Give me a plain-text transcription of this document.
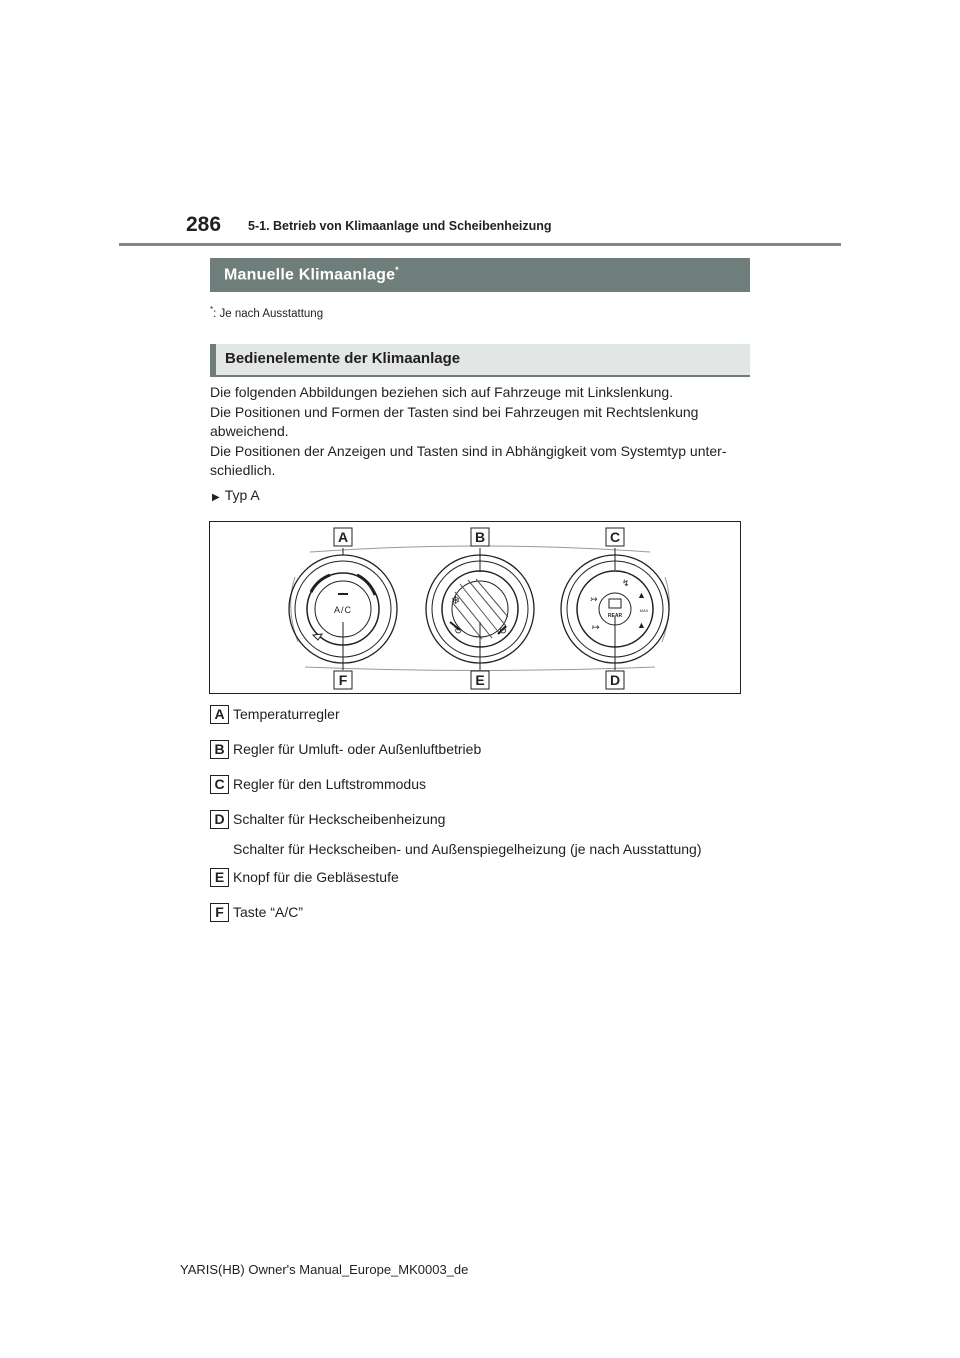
286 5-1. Betrieb von Klimaanlage und Scheibenheizung
Manuelle Klimaanlage*
*: Je nach Ausstattung
Bedienelemente der Klimaanlage

Die folgenden Abbildungen beziehen sich auf Fahrzeuge mit Linkslenkung.

Die Positionen und Formen der Tasten sind bei Fahrzeugen mit Rechtslenkung

abweichend.

Die Positionen der Anzeigen und Tasten sind in Abhängigkeit vom Systemtyp unter-

schiedlich.

▶ Typ A
A/C
❄
↻	↺
↣
↯
▲
▲
↦
REAR
MAX
A	B	C
F	E	D
A Temperaturregler
B Regler für Umluft- oder Außenluftbetrieb
C Regler für den Luftstrommodus
D Schalter für Heckscheibenheizung
Schalter für Heckscheiben- und Außenspiegelheizung (je nach Ausstattung)
E Knopf für die Gebläsestufe
F Taste “A/C”
YARIS(HB) Owner's Manual_Europe_MK0003_de
